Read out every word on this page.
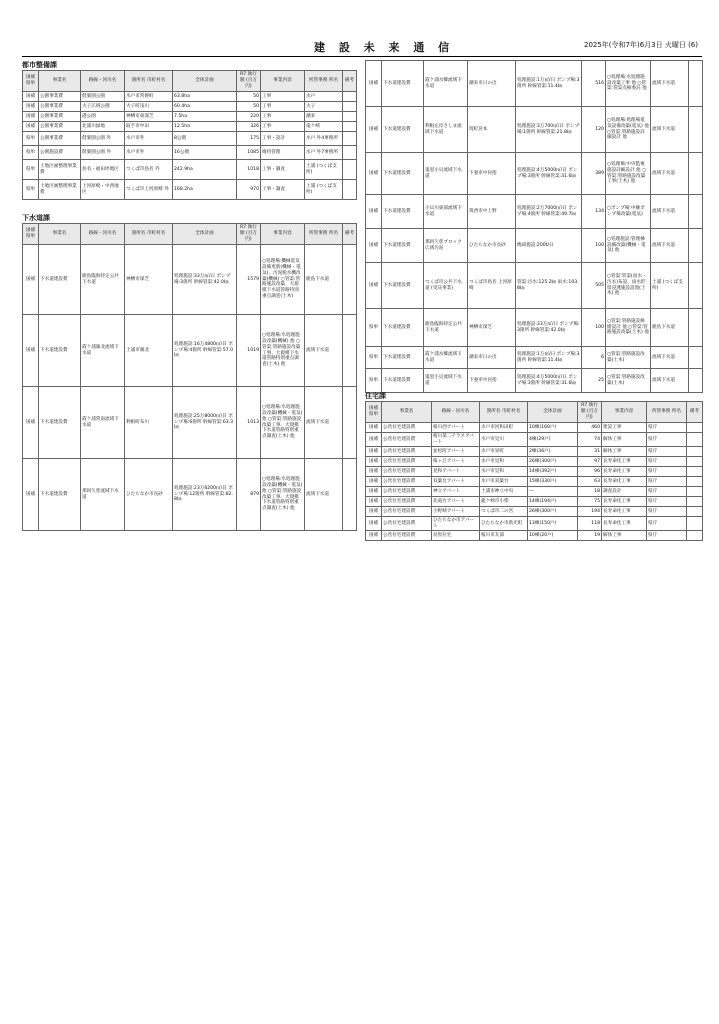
建 設 未 来 通 信	2025年(令和7年)6月3日 火曜日 (6)
都市整備課
国補県単	事業名	路線・河川名	箇所名 市町村名	全体計画	R7 執行額 (百万円)	事業内容	所管事務 所名	備考
国補	公園事業費	偕楽園公園	水戸市常磐町	63.8ha	50	工事	水戸	
国補	公園事業費	大子広域公園	大子町浅川	60.4ha	50	工事	大子	
国補	公園事業費	港公園	神栖市東深芝	7.5ha	220	工事	潮来	
国補	公園事業費	北浦川緑地	取手市中田	12.5ha	326	工事	竜ケ崎	
県単	公園事業費	偕楽園公園 外	水戸市外	8公園	175	工事・設計	水戸 外4事務所	
県単	公園施設費	偕楽園公園 外	水戸市外	16公園	1085	維持管理	水戸 外7事務所	
県単	土地区画整理事業費	島名・福田坪地区	つくば市島名 外	242.9ha	1018	工事・調査	土浦 (つくば支所)	
県単	土地区画整理事業費	上河原崎・中西地区	つくば市上河原崎 外	168.2ha	970	工事・調査	土浦 (つくば支所)	
下水道課
国補県単	事業名	路線・河川名	箇所名 市町村名	全体計画	R7 執行額 (百万円)	事業内容	所管事務 所名	備考
国補	下水道建設費	鹿島臨海特定公共下水道	神栖市深芝	処理施設:33万㎥/日 ポンプ場:3箇所 幹線管渠:42.0㎞	1579	○処理場:機械電気設備更新(機械・電気)、汚泥脱水機改築(機械) ○管渠:管路施設改築、大規模下水道管路特別重点調査(土木)	鹿島下水道	
国補	下水道建設費	霞ケ浦湖北流域下水道	土浦市湖北	処理施設:16万4800㎥/日 ポンプ場:4箇所 幹線管渠:57.0㎞	1019	○処理場:水処理施設改築(機械) 他 ○管渠:管路施設改築工事、大規模下水道管路特別重点調査(土木) 他	流域下水道	
国補	下水道建設費	霞ケ浦常南流域下水道	利根町布川	処理施設:25万8000㎥/日 ポンプ場:6箇所 幹線管渠:63.3㎞	1013	○処理場:水処理施設改築(機械・電気) 他 ○管渠:管路施設改築工事、大規模下水道管路特別重点調査(土木) 他	流域下水道	
国補	下水道建設費	那珂久慈流域下水道	ひたちなか市長砂	処理施設:23万6200㎥/日 ポンプ場:12箇所 幹線管渠:82.8㎞	879	○処理場:水処理施設改築(機械・電気) 他 ○管渠:管路施設改築工事、大規模下水道管路特別重点調査(土木) 他	流域下水道	
国補	下水道建設費	霞ケ浦水郷流域下水道	潮来市日の出	処理施設:1万㎥/日 ポンプ場:3箇所 幹線管渠:11.4㎞	516	○処理場:水処理施設改築工事 他 ○管渠:管渠点検委託 他	流域下水道	
国補	下水道建設費	利根左岸さしま流域下水道	境町宮本	処理施設:3万700㎥/日 ポンプ場:1箇所 幹線管渠:21.8㎞	120	○処理場:処理場電気設備改築(電気) 他 ○管渠:管路施設詳細設計 他	流域下水道	
国補	下水道建設費	鬼怒小貝流域下水道	下妻市中居指	処理施設:4万5000㎥/日 ポンプ場:3箇所 幹線管渠:31.6㎞	389	○処理場:中央監視施設詳細設計 他 ○管渠:管路施設改築工事(土木) 他	流域下水道	
国補	下水道建設費	小貝川東部流域下水道	筑西市中上野	処理施設:2万7000㎥/日 ポンプ場:4箇所 幹線管渠:49.7㎞	134	○ポンプ場:中継ポンプ場改築(電気)	流域下水道	
国補	下水道建設費	那珂久慈ブロック広域汚泥	ひたちなか市長砂	焼却施設:200t/日	100	○処理施設:管理棟設備改築(機械・電気) 他	流域下水道	
国補	下水道建設費	つくば市公共下水道 (受託事業)	つくば市島名 上河原崎	管渠:汚水:125.2㎞ 雨水:103.8㎞	505	○管渠:管渠(雨水・汚水)布設、雨水貯留浸透施設設置(土木) 他	土浦 (つくば支所)	
県単	下水道建設費	鹿島臨海特定公共下水道	神栖市深芝	処理施設:33万㎥/日 ポンプ場:3箇所 幹線管渠:42.0㎞	100	○管渠:管路施設修繕設計 他 ○管渠:管路施設改築(土木) 他	鹿島下水道	
県単	下水道建設費	霞ケ浦水郷流域下水道	潮来市日の出	処理施設:1万㎥/日 ポンプ場:3箇所 幹線管渠:11.4㎞	6	○管渠:管路施設改築(土木)	流域下水道	
県単	下水道建設費	鬼怒小貝流域下水道	下妻市中居指	処理施設:4万5000㎥/日 ポンプ場:3箇所 幹線管渠:31.6㎞	25	○管渠:管路施設改築(土木)	流域下水道	
住宅課
国補県単	事業名	路線・河川名	箇所名 市町村名	全体計画	R7 執行額 (百万円)	事業内容	所管事務 所名	備考
国補	公営住宅建設費	桜川西アパート	水戸市河和田町	10棟(160戸)	460	建設工事	県庁	
国補	公営住宅建設費	桜川第二テラスアパート	水戸市見川	4棟(29戸)	74	解体工事	県庁	
国補	公営住宅建設費	並松町アパート	水戸市栄町	2棟(36戸)	31	解体工事	県庁	
国補	公営住宅建設費	桜ヶ丘アパート	水戸市見和	26棟(300戸)	97	長寿命化工事	県庁	
国補	公営住宅建設費	見和アパート	水戸市見和	14棟(392戸)	96	長寿命化工事	県庁	
国補	公営住宅建設費	双葉台アパート	水戸市双葉台	15棟(330戸)	63	長寿命化工事	県庁	
国補	公営住宅建設費	神立アパート	土浦市神立中央	—	18	調査設計	県庁	
国補	公営住宅建設費	北竜台アパート	龍ケ崎市小柴	14棟(194戸)	75	長寿命化工事	県庁	
国補	公営住宅建設費	小野崎アパート	つくば市二の宮	26棟(300戸)	194	長寿命化工事	県庁	
国補	公営住宅建設費	ひたちなか市アパート	ひたちなか市新光町	13棟(150戸)	118	長寿命化工事	県庁	
国補	公営住宅建設費	羽黒住宅	桜川市友部	10棟(20戸)	19	解体工事	県庁	
